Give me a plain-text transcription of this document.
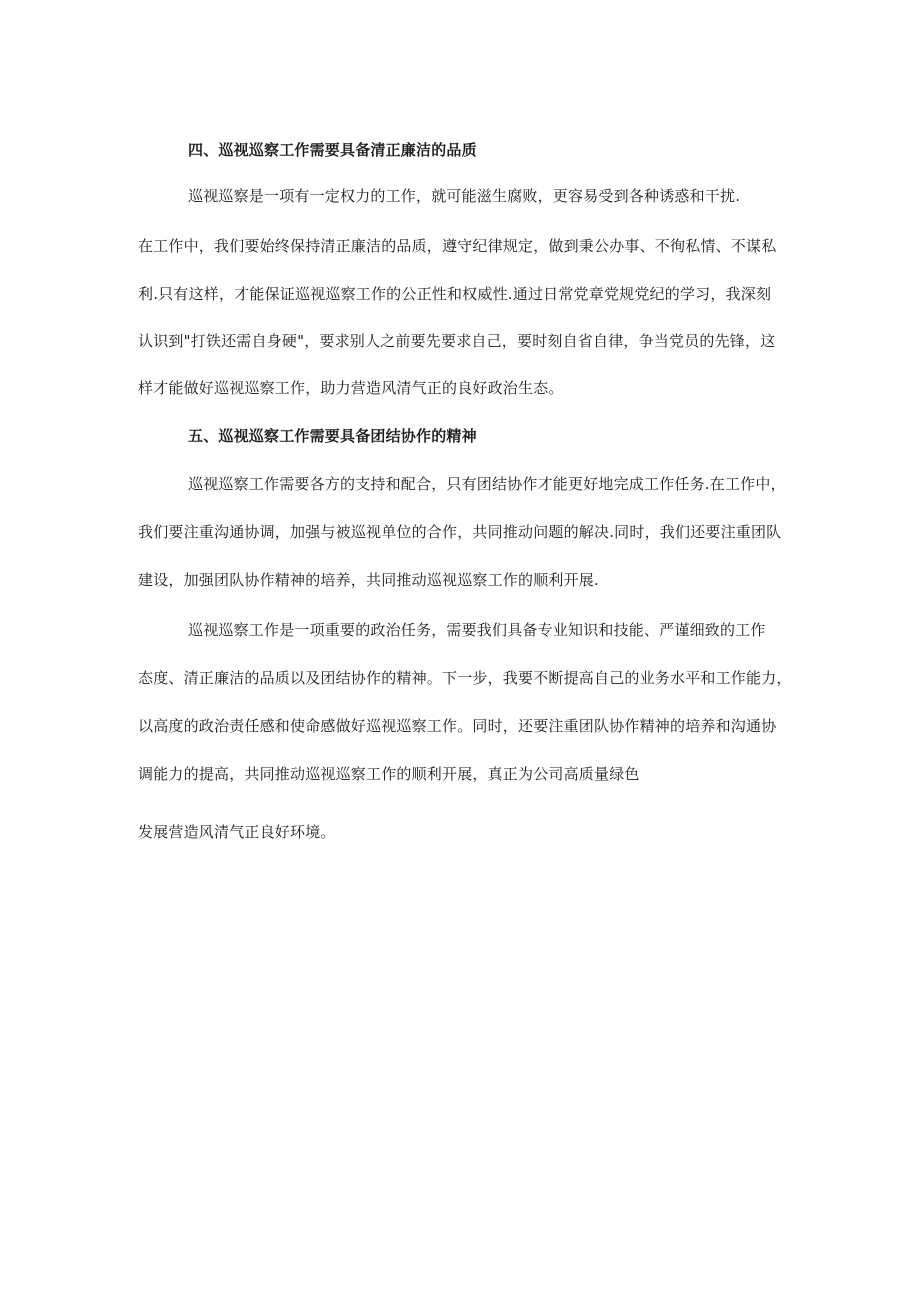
四、巡视巡察工作需要具备清正廉洁的品质
巡视巡察是一项有一定权力的工作，就可能滋生腐败，更容易受到各种诱惑和干扰.
在工作中，我们要始终保持清正廉洁的品质，遵守纪律规定，做到秉公办事、不徇私情、不谋私
利.只有这样，才能保证巡视巡察工作的公正性和权威性.通过日常党章党规党纪的学习，我深刻
认识到"打铁还需自身硬"，要求别人之前要先要求自己，要时刻自省自律，争当党员的先锋，这
样才能做好巡视巡察工作，助力营造风清气正的良好政治生态。
五、巡视巡察工作需要具备团结协作的精神
巡视巡察工作需要各方的支持和配合，只有团结协作才能更好地完成工作任务.在工作中，
我们要注重沟通协调，加强与被巡视单位的合作，共同推动问题的解决.同时，我们还要注重团队
建设，加强团队协作精神的培养，共同推动巡视巡察工作的顺利开展.
巡视巡察工作是一项重要的政治任务，需要我们具备专业知识和技能、严谨细致的工作
态度、清正廉洁的品质以及团结协作的精神。下一步，我要不断提高自己的业务水平和工作能力，
以高度的政治责任感和使命感做好巡视巡察工作。同时，还要注重团队协作精神的培养和沟通协
调能力的提高，共同推动巡视巡察工作的顺利开展，真正为公司高质量绿色
发展营造风清气正良好环境。
